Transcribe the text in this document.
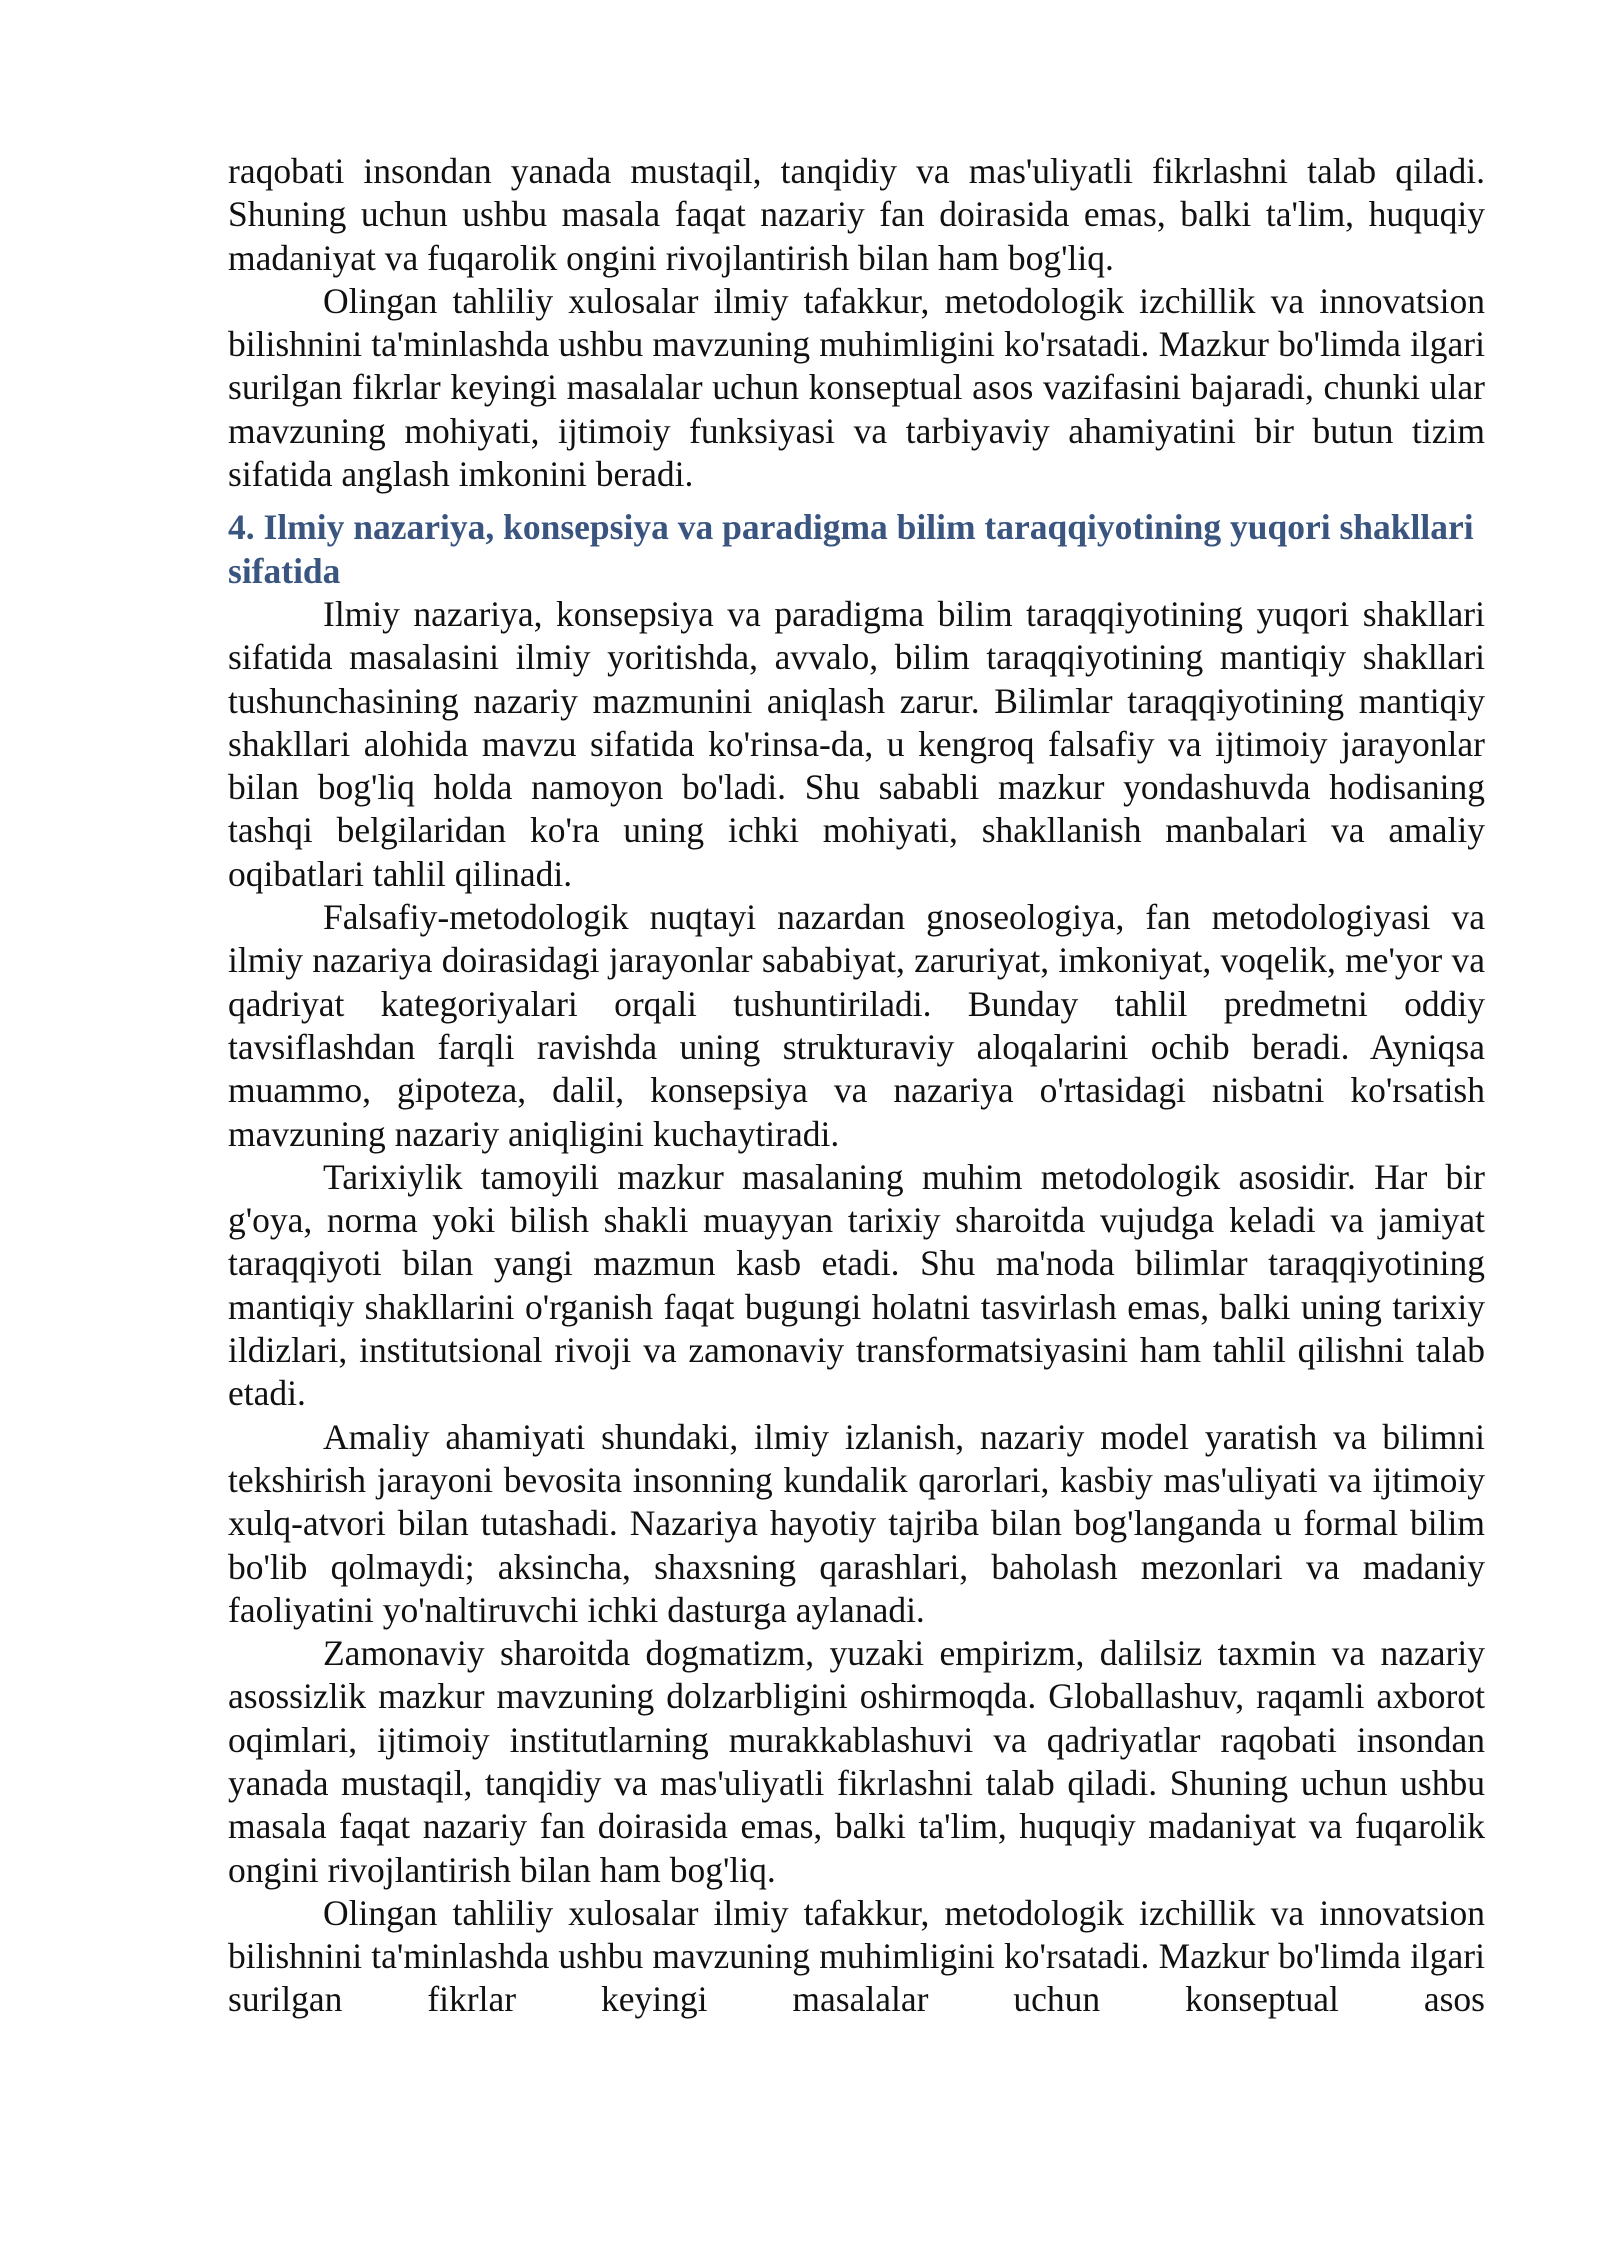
raqobati insondan yanada mustaqil, tanqidiy va mas'uliyatli fikrlashni talab qiladi. Shuning uchun ushbu masala faqat nazariy fan doirasida emas, balki ta'lim, huquqiy madaniyat va fuqarolik ongini rivojlantirish bilan ham bog'liq.

Olingan tahliliy xulosalar ilmiy tafakkur, metodologik izchillik va innovatsion bilishnini ta'minlashda ushbu mavzuning muhimligini ko'rsatadi. Mazkur bo'limda ilgari surilgan fikrlar keyingi masalalar uchun konseptual asos vazifasini bajaradi, chunki ular mavzuning mohiyati, ijtimoiy funksiyasi va tarbiyaviy ahamiyatini bir butun tizim sifatida anglash imkonini beradi.

4. Ilmiy nazariya, konsepsiya va paradigma bilim taraqqiyotining yuqori shakllari sifatida

Ilmiy nazariya, konsepsiya va paradigma bilim taraqqiyotining yuqori shakllari sifatida masalasini ilmiy yoritishda, avvalo, bilim taraqqiyotining mantiqiy shakllari tushunchasining nazariy mazmunini aniqlash zarur. Bilimlar taraqqiyotining mantiqiy shakllari alohida mavzu sifatida ko'rinsa-da, u kengroq falsafiy va ijtimoiy jarayonlar bilan bog'liq holda namoyon bo'ladi. Shu sababli mazkur yondashuvda hodisaning tashqi belgilaridan ko'ra uning ichki mohiyati, shakllanish manbalari va amaliy oqibatlari tahlil qilinadi.

Falsafiy-metodologik nuqtayi nazardan gnoseologiya, fan metodologiyasi va ilmiy nazariya doirasidagi jarayonlar sababiyat, zaruriyat, imkoniyat, voqelik, me'yor va qadriyat kategoriyalari orqali tushuntiriladi. Bunday tahlil predmetni oddiy tavsiflashdan farqli ravishda uning strukturaviy aloqalarini ochib beradi. Ayniqsa muammo, gipoteza, dalil, konsepsiya va nazariya o'rtasidagi nisbatni ko'rsatish mavzuning nazariy aniqligini kuchaytiradi.

Tarixiylik tamoyili mazkur masalaning muhim metodologik asosidir. Har bir g'oya, norma yoki bilish shakli muayyan tarixiy sharoitda vujudga keladi va jamiyat taraqqiyoti bilan yangi mazmun kasb etadi. Shu ma'noda bilimlar taraqqiyotining mantiqiy shakllarini o'rganish faqat bugungi holatni tasvirlash emas, balki uning tarixiy ildizlari, institutsional rivoji va zamonaviy transformatsiyasini ham tahlil qilishni talab etadi.

Amaliy ahamiyati shundaki, ilmiy izlanish, nazariy model yaratish va bilimni tekshirish jarayoni bevosita insonning kundalik qarorlari, kasbiy mas'uliyati va ijtimoiy xulq-atvori bilan tutashadi. Nazariya hayotiy tajriba bilan bog'langanda u formal bilim bo'lib qolmaydi; aksincha, shaxsning qarashlari, baholash mezonlari va madaniy faoliyatini yo'naltiruvchi ichki dasturga aylanadi.

Zamonaviy sharoitda dogmatizm, yuzaki empirizm, dalilsiz taxmin va nazariy asossizlik mazkur mavzuning dolzarbligini oshirmoqda. Globallashuv, raqamli axborot oqimlari, ijtimoiy institutlarning murakkablashuvi va qadriyatlar raqobati insondan yanada mustaqil, tanqidiy va mas'uliyatli fikrlashni talab qiladi. Shuning uchun ushbu masala faqat nazariy fan doirasida emas, balki ta'lim, huquqiy madaniyat va fuqarolik ongini rivojlantirish bilan ham bog'liq.

Olingan tahliliy xulosalar ilmiy tafakkur, metodologik izchillik va innovatsion bilishnini ta'minlashda ushbu mavzuning muhimligini ko'rsatadi. Mazkur bo'limda ilgari surilgan fikrlar keyingi masalalar uchun konseptual asos
